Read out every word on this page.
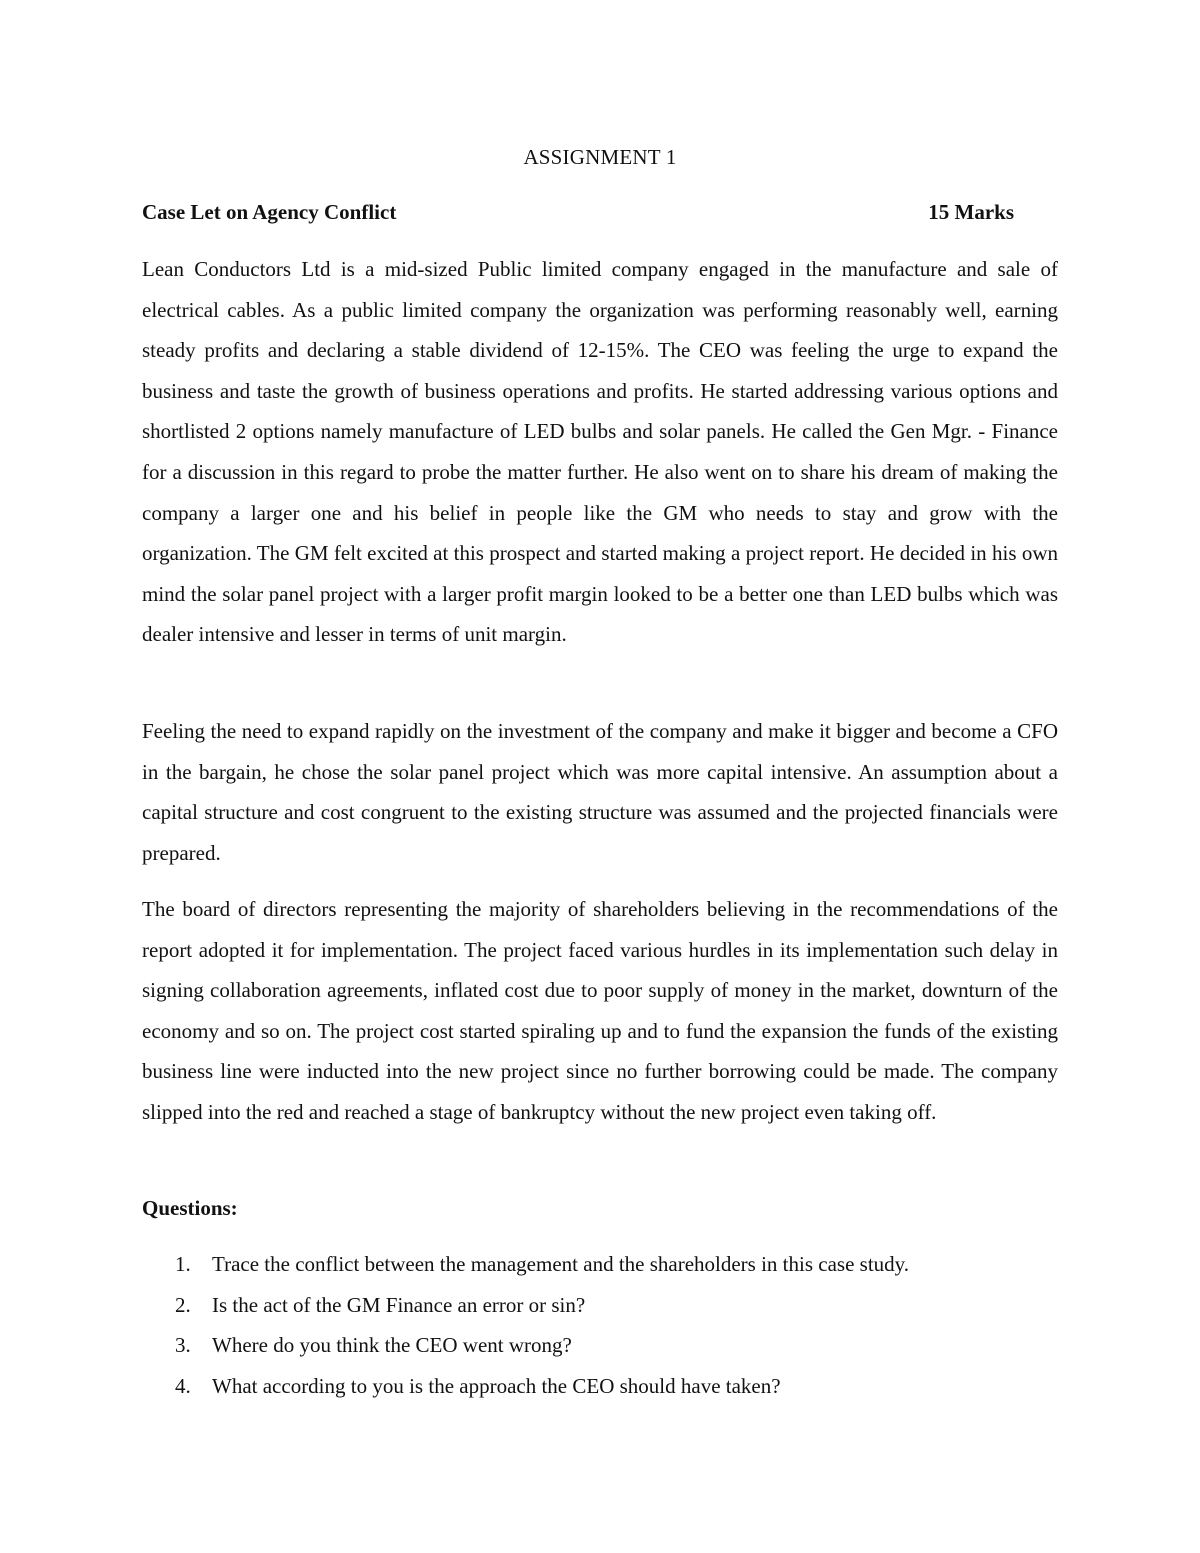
ASSIGNMENT 1
Case Let on Agency Conflict	15 Marks

Lean Conductors Ltd is a mid-sized Public limited company engaged in the manufacture and sale of electrical cables. As a public limited company the organization was performing reasonably well, earning steady profits and declaring a stable dividend of 12-15%. The CEO was feeling the urge to expand the business and taste the growth of business operations and profits. He started addressing various options and shortlisted 2 options namely manufacture of LED bulbs and solar panels. He called the Gen Mgr. - Finance for a discussion in this regard to probe the matter further. He also went on to share his dream of making the company a larger one and his belief in people like the GM who needs to stay and grow with the organization. The GM felt excited at this prospect and started making a project report. He decided in his own mind the solar panel project with a larger profit margin looked to be a better one than LED bulbs which was dealer intensive and lesser in terms of unit margin.

Feeling the need to expand rapidly on the investment of the company and make it bigger and become a CFO in the bargain, he chose the solar panel project which was more capital intensive. An assumption about a capital structure and cost congruent to the existing structure was assumed and the projected financials were prepared.

The board of directors representing the majority of shareholders believing in the recommendations of the report adopted it for implementation. The project faced various hurdles in its implementation such delay in signing collaboration agreements, inflated cost due to poor supply of money in the market, downturn of the economy and so on. The project cost started spiraling up and to fund the expansion the funds of the existing business line were inducted into the new project since no further borrowing could be made. The company slipped into the red and reached a stage of bankruptcy without the new project even taking off.

Questions:
1. Trace the conflict between the management and the shareholders in this case study.
2. Is the act of the GM Finance an error or sin?
3. Where do you think the CEO went wrong?
4. What according to you is the approach the CEO should have taken?
